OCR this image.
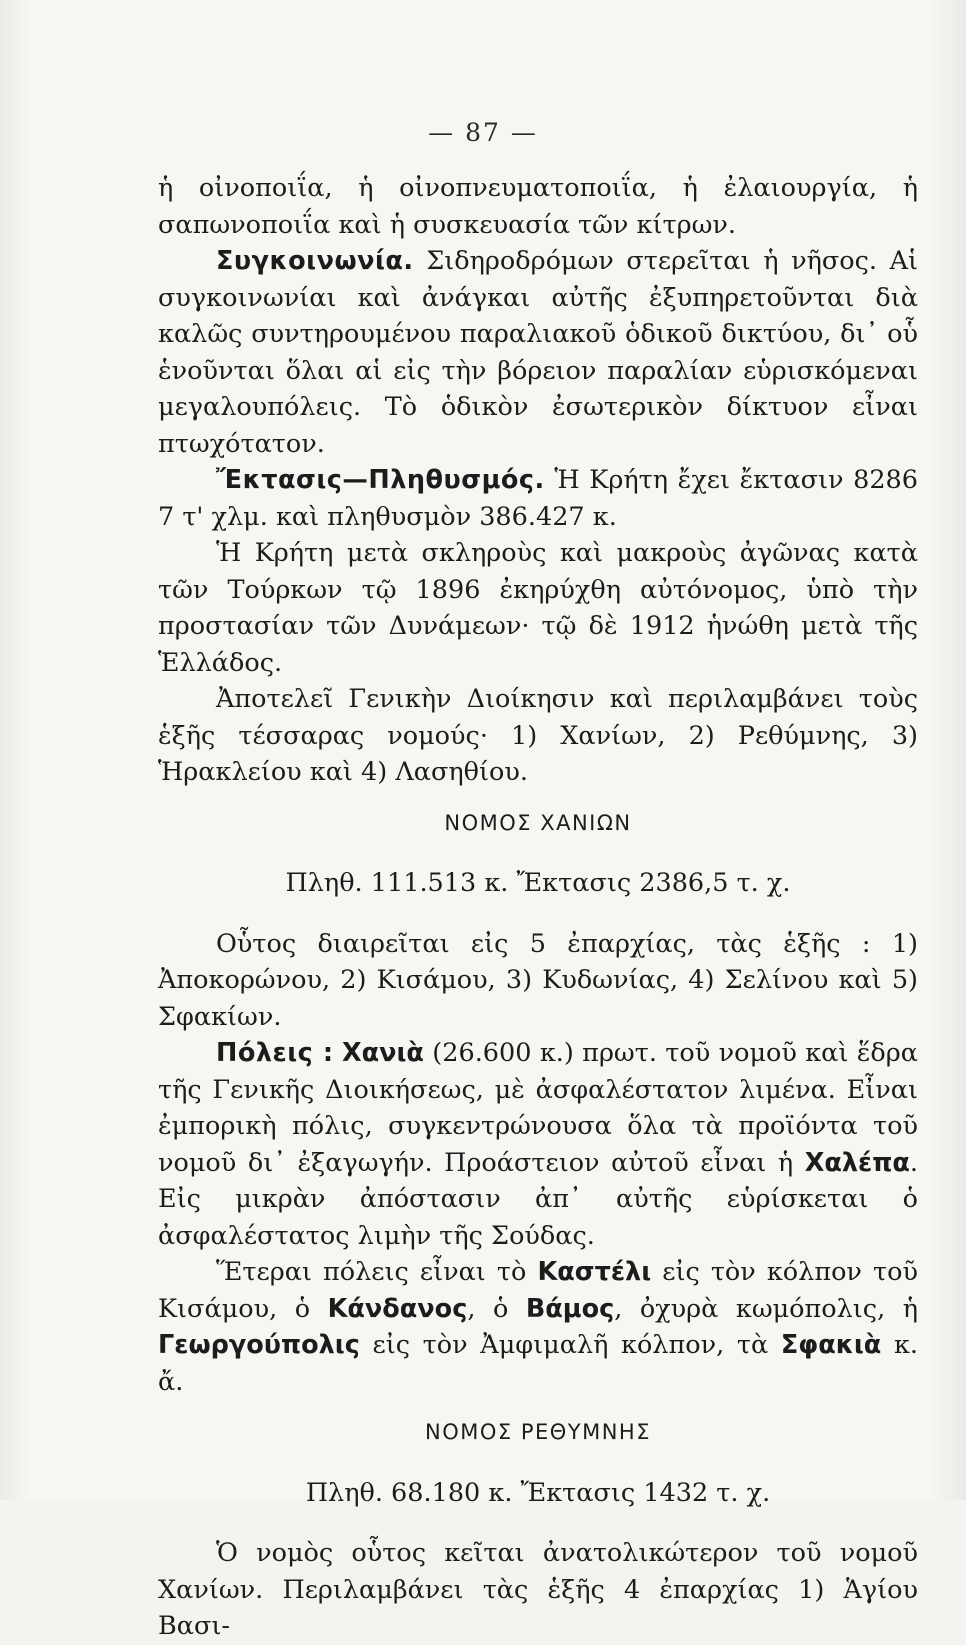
— 87 —

ἡ οἰνοποιΐα, ἡ οἰνοπνευματοποιΐα, ἡ ἐλαιουργία, ἡ σαπωνοποιΐα καὶ ἡ συσκευασία τῶν κίτρων.

Συγκοινωνία. Σιδηροδρόμων στερεῖται ἡ νῆσος. Αἱ συγκοινωνίαι καὶ ἀνάγκαι αὐτῆς ἐξυπηρετοῦνται διὰ καλῶς συντηρουμένου παραλιακοῦ ὁδικοῦ δικτύου, δι᾽ οὗ ἑνοῦνται ὅλαι αἱ εἰς τὴν βόρειον παραλίαν εὑρισκόμεναι μεγαλουπόλεις. Τὸ ὁδικὸν ἐσωτερικὸν δίκτυον εἶναι πτωχότατον.

Ἔκτασις—Πληθυσμός. Ἡ Κρήτη ἔχει ἔκτασιν 8286 7 τ' χλμ. καὶ πληθυσμὸν 386.427 κ.

Ἡ Κρήτη μετὰ σκληροὺς καὶ μακροὺς ἀγῶνας κατὰ τῶν Τούρκων τῷ 1896 ἐκηρύχθη αὐτόνομος, ὑπὸ τὴν προστασίαν τῶν Δυνάμεων· τῷ δὲ 1912 ἡνώθη μετὰ τῆς Ἑλλάδος.

Ἀποτελεῖ Γενικὴν Διοίκησιν καὶ περιλαμβάνει τοὺς ἑξῆς τέσσαρας νομούς· 1) Χανίων, 2) Ρεθύμνης, 3) Ἡρακλείου καὶ 4) Λασηθίου.

ΝΟΜΟΣ ΧΑΝΙΩΝ

Πληθ. 111.513 κ. Ἔκτασις 2386,5 τ. χ.

Οὗτος διαιρεῖται εἰς 5 ἐπαρχίας, τὰς ἑξῆς : 1) Ἀποκορώνου, 2) Κισάμου, 3) Κυδωνίας, 4) Σελίνου καὶ 5) Σφακίων.

Πόλεις : Χανιὰ (26.600 κ.) πρωτ. τοῦ νομοῦ καὶ ἕδρα τῆς Γενικῆς Διοικήσεως, μὲ ἀσφαλέστατον λιμένα. Εἶναι ἐμπορικὴ πόλις, συγκεντρώνουσα ὅλα τὰ προϊόντα τοῦ νομοῦ δι᾽ ἐξαγωγήν. Προάστειον αὐτοῦ εἶναι ἡ Χαλέπα. Εἰς μικρὰν ἀπόστασιν ἀπ᾽ αὐτῆς εὑρίσκεται ὁ ἀσφαλέστατος λιμὴν τῆς Σούδας.

Ἕτεραι πόλεις εἶναι τὸ Καστέλι εἰς τὸν κόλπον τοῦ Κισάμου, ὁ Κάνδανος, ὁ Βάμος, ὀχυρὰ κωμόπολις, ἡ Γεωργούπολις εἰς τὸν Ἀμφιμαλῆ κόλπον, τὰ Σφακιὰ κ. ἄ.

ΝΟΜΟΣ ΡΕΘΥΜΝΗΣ

Πληθ. 68.180 κ. Ἔκτασις 1432 τ. χ.

Ὁ νομὸς οὗτος κεῖται ἀνατολικώτερον τοῦ νομοῦ Χανίων. Περιλαμβάνει τὰς ἑξῆς 4 ἐπαρχίας 1) Ἁγίου Βασι-
